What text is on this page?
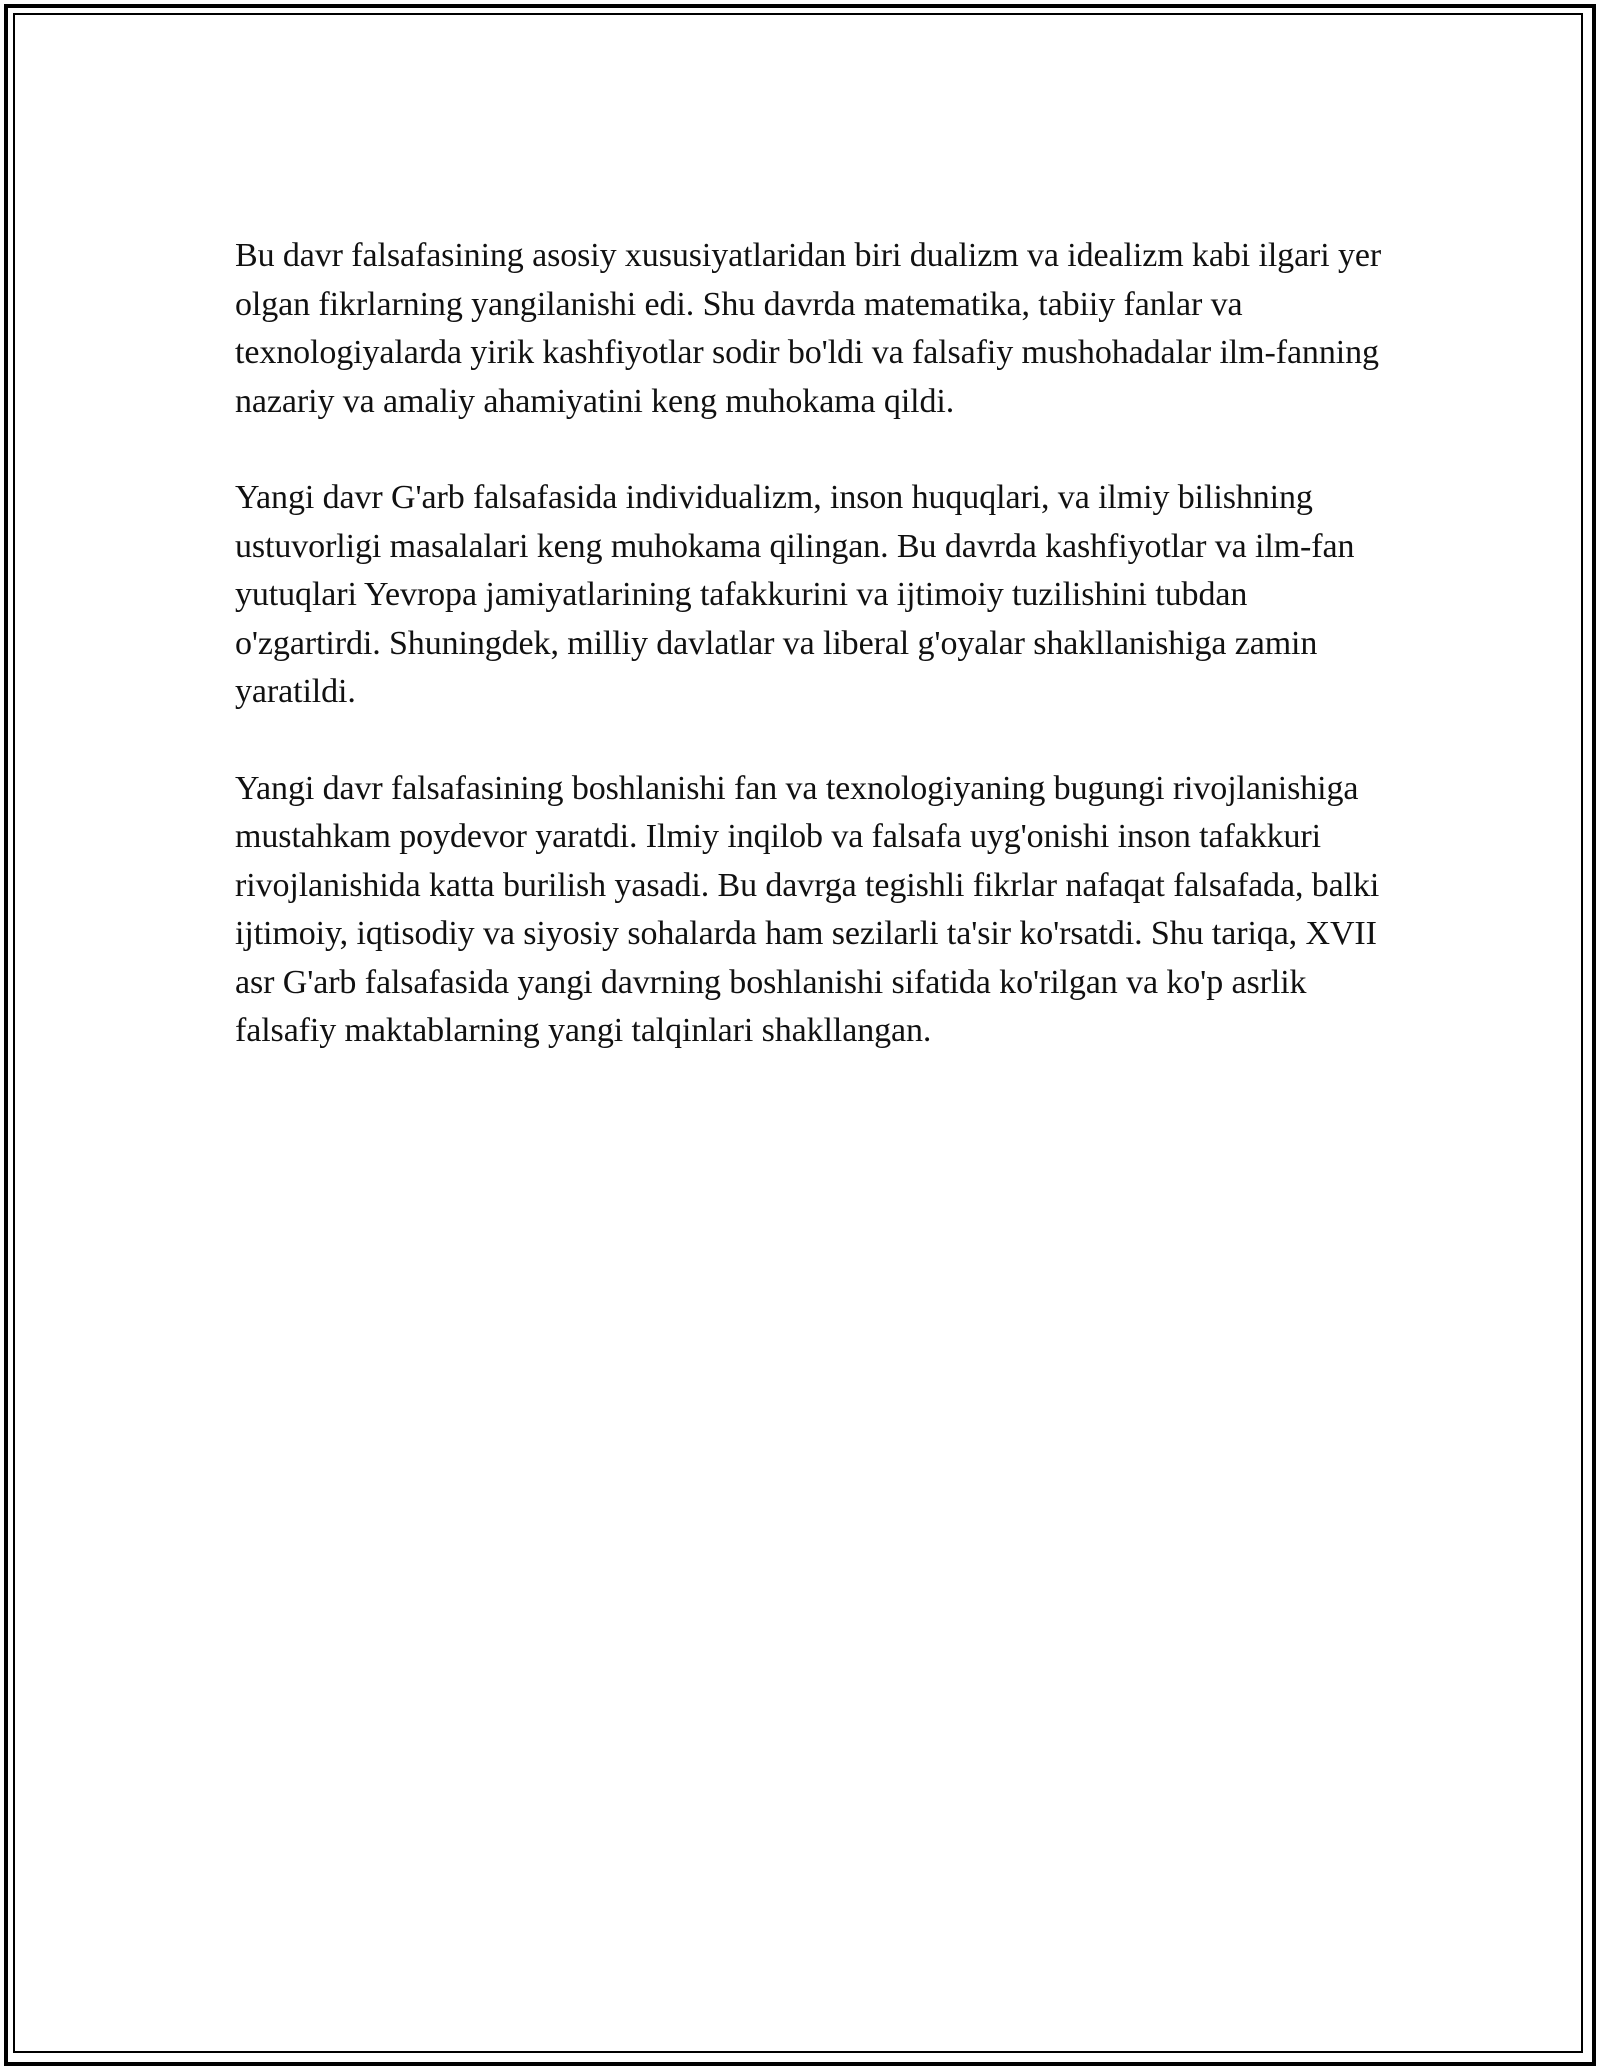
Bu davr falsafasining asosiy xususiyatlaridan biri dualizm va idealizm kabi ilgari yer olgan fikrlarning yangilanishi edi. Shu davrda matematika, tabiiy fanlar va texnologiyalarda yirik kashfiyotlar sodir bo'ldi va falsafiy mushohadalar ilm-fanning nazariy va amaliy ahamiyatini keng muhokama qildi.

Yangi davr G'arb falsafasida individualizm, inson huquqlari, va ilmiy bilishning ustuvorligi masalalari keng muhokama qilingan. Bu davrda kashfiyotlar va ilm-fan yutuqlari Yevropa jamiyatlarining tafakkurini va ijtimoiy tuzilishini tubdan o'zgartirdi. Shuningdek, milliy davlatlar va liberal g'oyalar shakllanishiga zamin yaratildi.

Yangi davr falsafasining boshlanishi fan va texnologiyaning bugungi rivojlanishiga mustahkam poydevor yaratdi. Ilmiy inqilob va falsafa uyg'onishi inson tafakkuri rivojlanishida katta burilish yasadi. Bu davrga tegishli fikrlar nafaqat falsafada, balki ijtimoiy, iqtisodiy va siyosiy sohalarda ham sezilarli ta'sir ko'rsatdi. Shu tariqa, XVII asr G'arb falsafasida yangi davrning boshlanishi sifatida ko'rilgan va ko'p asrlik falsafiy maktablarning yangi talqinlari shakllangan.
